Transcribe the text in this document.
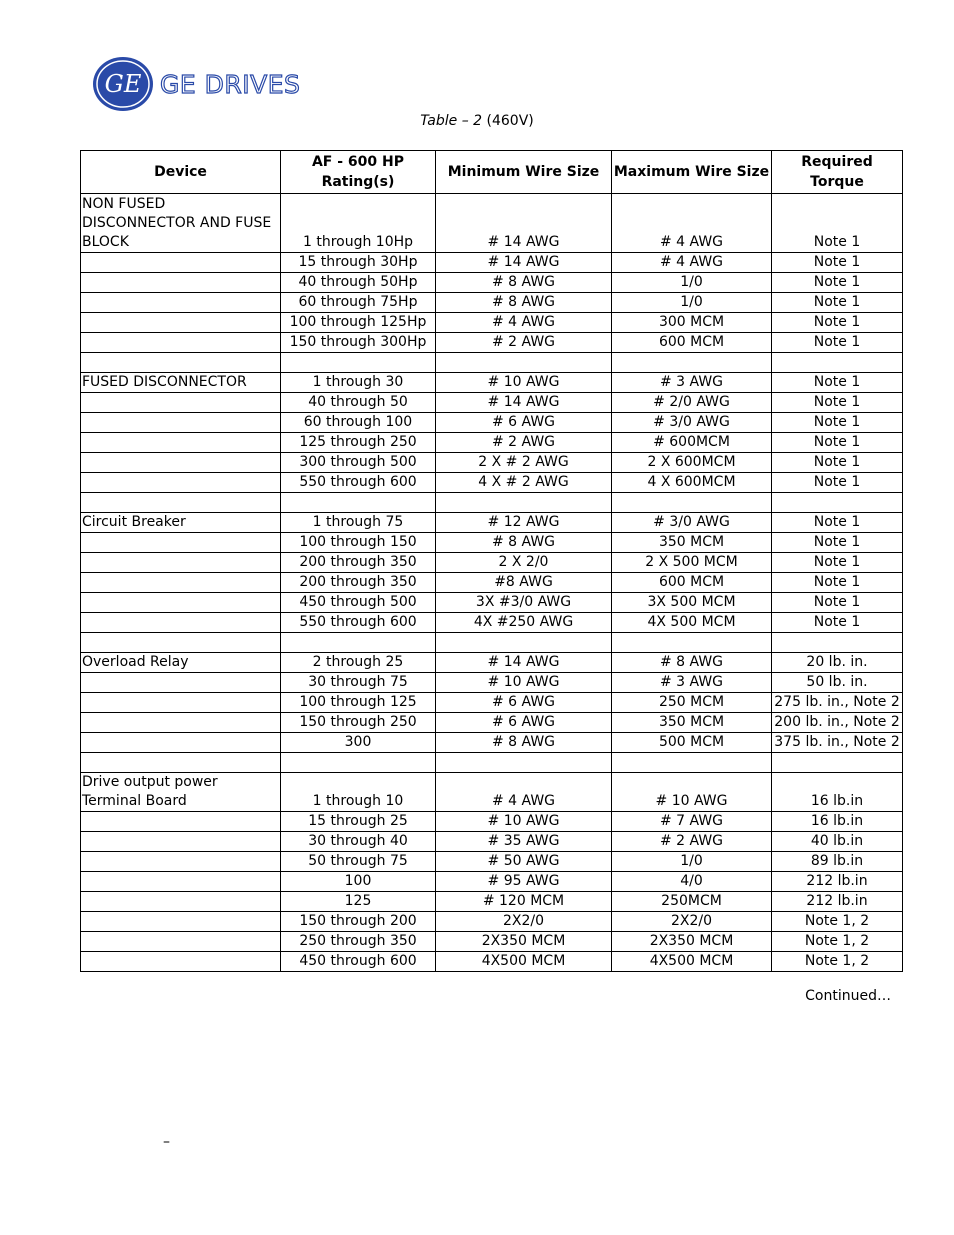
GE GE DRIVES
Table – 2 (460V)
Device	AF - 600 HP Rating(s)	Minimum Wire Size	Maximum Wire Size	Required Torque
NON FUSED DISCONNECTOR AND FUSE BLOCK	1 through 10Hp	# 14 AWG	# 4 AWG	Note 1
	15 through 30Hp	# 14 AWG	# 4 AWG	Note 1
	40 through 50Hp	# 8 AWG	1/0	Note 1
	60 through 75Hp	# 8 AWG	1/0	Note 1
	100 through 125Hp	# 4 AWG	300 MCM	Note 1
	150 through 300Hp	# 2 AWG	600 MCM	Note 1

FUSED DISCONNECTOR	1 through 30	# 10 AWG	# 3 AWG	Note 1
	40 through 50	# 14 AWG	# 2/0 AWG	Note 1
	60 through 100	# 6 AWG	# 3/0 AWG	Note 1
	125 through 250	# 2 AWG	# 600MCM	Note 1
	300 through 500	2 X # 2 AWG	2 X 600MCM	Note 1
	550 through 600	4 X # 2 AWG	4 X 600MCM	Note 1

Circuit Breaker	1 through 75	# 12 AWG	# 3/0 AWG	Note 1
	100 through 150	# 8 AWG	350 MCM	Note 1
	200 through 350	2 X 2/0	2 X 500 MCM	Note 1
	200 through 350	#8 AWG	600 MCM	Note 1
	450 through 500	3X #3/0 AWG	3X 500 MCM	Note 1
	550 through 600	4X #250 AWG	4X 500 MCM	Note 1

Overload Relay	2 through 25	# 14 AWG	# 8 AWG	20 lb. in.
	30 through 75	# 10 AWG	# 3 AWG	50 lb. in.
	100 through 125	# 6 AWG	250 MCM	275 lb. in., Note 2
	150 through 250	# 6 AWG	350 MCM	200 lb. in., Note 2
	300	# 8 AWG	500 MCM	375 lb. in., Note 2

Drive output power Terminal Board	1 through 10	# 4 AWG	# 10 AWG	16 lb.in
	15 through 25	# 10 AWG	# 7 AWG	16 lb.in
	30 through 40	# 35 AWG	# 2 AWG	40 lb.in
	50 through 75	# 50 AWG	1/0	89 lb.in
	100	# 95 AWG	4/0	212 lb.in
	125	# 120 MCM	250MCM	212 lb.in
	150 through 200	2X2/0	2X2/0	Note 1, 2
	250 through 350	2X350 MCM	2X350 MCM	Note 1, 2
	450 through 600	4X500 MCM	4X500 MCM	Note 1, 2
Continued…
–
